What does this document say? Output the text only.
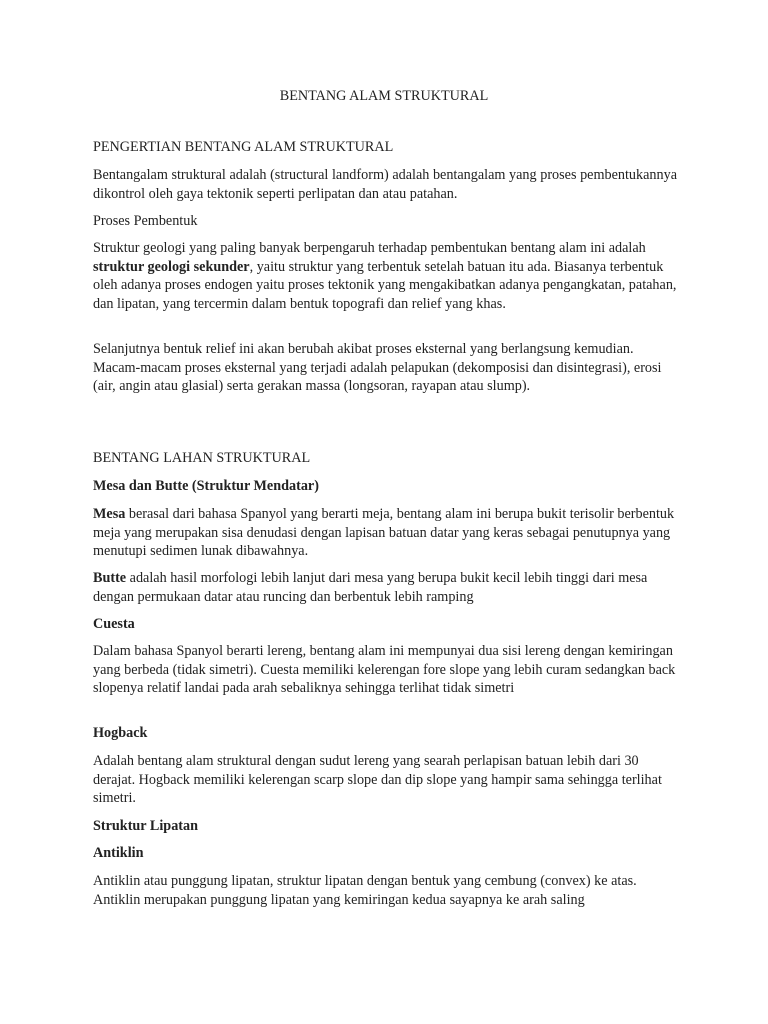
BENTANG ALAM STRUKTURAL

PENGERTIAN BENTANG ALAM STRUKTURAL

Bentangalam struktural adalah (structural landform) adalah bentangalam yang proses pembentukannya dikontrol oleh gaya tektonik seperti perlipatan dan atau patahan.

Proses Pembentuk

Struktur geologi yang paling banyak berpengaruh terhadap pembentukan bentang alam ini adalah struktur geologi sekunder, yaitu struktur yang terbentuk setelah batuan itu ada. Biasanya terbentuk oleh adanya proses endogen yaitu proses tektonik yang mengakibatkan adanya pengangkatan, patahan, dan lipatan, yang tercermin dalam bentuk topografi dan relief yang khas.

Selanjutnya bentuk relief ini akan berubah akibat proses eksternal yang berlangsung kemudian. Macam-macam proses eksternal yang terjadi adalah pelapukan (dekomposisi dan disintegrasi), erosi (air, angin atau glasial) serta gerakan massa (longsoran, rayapan atau slump).

BENTANG LAHAN STRUKTURAL

Mesa dan Butte (Struktur Mendatar)

Mesa berasal dari bahasa Spanyol yang berarti meja, bentang alam ini berupa bukit terisolir berbentuk meja yang merupakan sisa denudasi dengan lapisan batuan datar yang keras sebagai penutupnya yang menutupi sedimen lunak dibawahnya.

Butte adalah hasil morfologi lebih lanjut dari mesa yang berupa bukit kecil lebih tinggi dari mesa dengan permukaan datar atau runcing dan berbentuk lebih ramping

Cuesta

Dalam bahasa Spanyol berarti lereng, bentang alam ini mempunyai dua sisi lereng dengan kemiringan yang berbeda (tidak simetri). Cuesta memiliki kelerengan fore slope yang lebih curam sedangkan back slopenya relatif landai pada arah sebaliknya sehingga terlihat tidak simetri

Hogback

Adalah bentang alam struktural dengan sudut lereng yang searah perlapisan batuan lebih dari 30 derajat. Hogback memiliki kelerengan scarp slope dan dip slope yang hampir sama sehingga terlihat simetri.

Struktur Lipatan

Antiklin

Antiklin atau punggung lipatan, struktur lipatan dengan bentuk yang cembung (convex) ke atas. Antiklin merupakan punggung lipatan yang kemiringan kedua sayapnya ke arah saling
